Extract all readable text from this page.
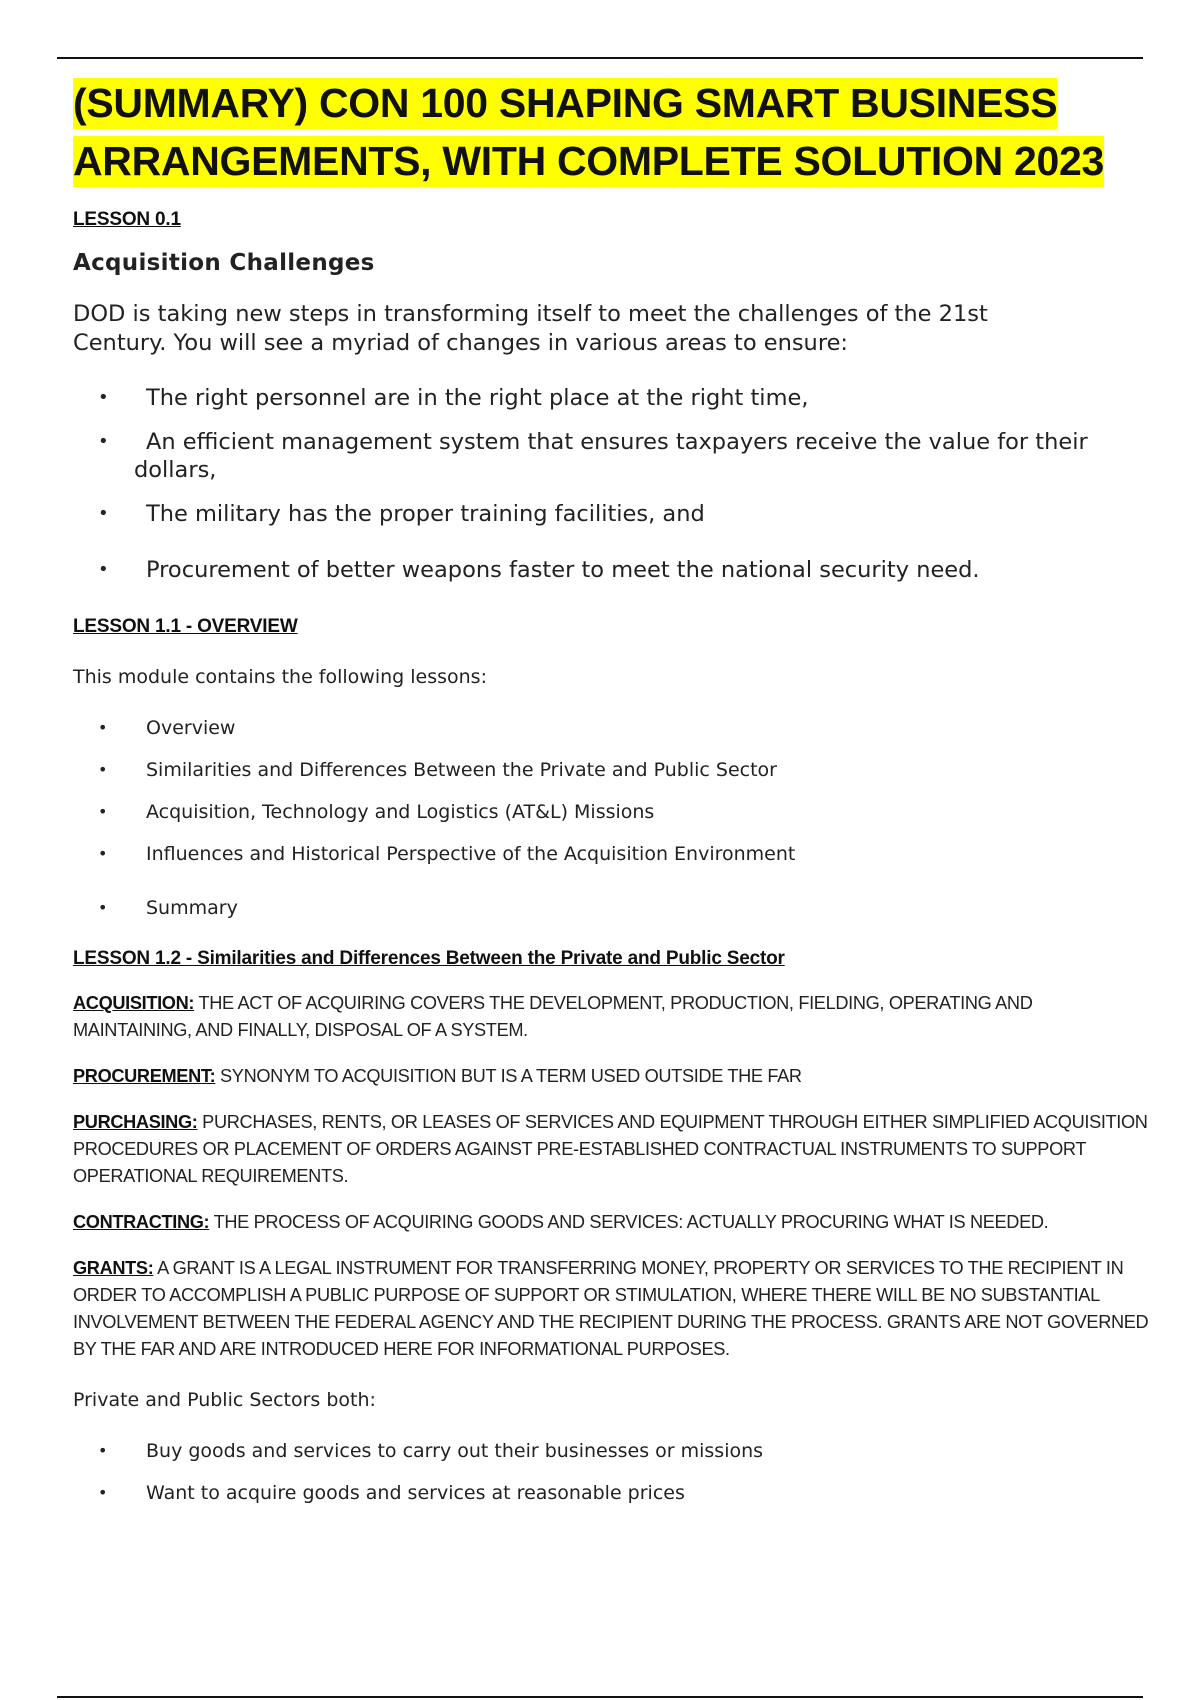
(SUMMARY) CON 100 SHAPING SMART BUSINESS
ARRANGEMENTS, WITH COMPLETE SOLUTION 2023

LESSON 0.1

Acquisition Challenges

DOD is taking new steps in transforming itself to meet the challenges of the 21st
Century. You will see a myriad of changes in various areas to ensure:

•	The right personnel are in the right place at the right time,
•	An efficient management system that ensures taxpayers receive the value for their
dollars,
•	The military has the proper training facilities, and
•	Procurement of better weapons faster to meet the national security need.

LESSON 1.1 - OVERVIEW

This module contains the following lessons:

• Overview
• Similarities and Differences Between the Private and Public Sector
• Acquisition, Technology and Logistics (AT&L) Missions
• Influences and Historical Perspective of the Acquisition Environment
• Summary

LESSON 1.2 - Similarities and Differences Between the Private and Public Sector

ACQUISITION: THE ACT OF ACQUIRING COVERS THE DEVELOPMENT, PRODUCTION, FIELDING, OPERATING AND MAINTAINING, AND FINALLY, DISPOSAL OF A SYSTEM.

PROCUREMENT: SYNONYM TO ACQUISITION BUT IS A TERM USED OUTSIDE THE FAR

PURCHASING: PURCHASES, RENTS, OR LEASES OF SERVICES AND EQUIPMENT THROUGH EITHER SIMPLIFIED ACQUISITION PROCEDURES OR PLACEMENT OF ORDERS AGAINST PRE-ESTABLISHED CONTRACTUAL INSTRUMENTS TO SUPPORT OPERATIONAL REQUIREMENTS.

CONTRACTING: THE PROCESS OF ACQUIRING GOODS AND SERVICES: ACTUALLY PROCURING WHAT IS NEEDED.

GRANTS: A GRANT IS A LEGAL INSTRUMENT FOR TRANSFERRING MONEY, PROPERTY OR SERVICES TO THE RECIPIENT IN ORDER TO ACCOMPLISH A PUBLIC PURPOSE OF SUPPORT OR STIMULATION, WHERE THERE WILL BE NO SUBSTANTIAL INVOLVEMENT BETWEEN THE FEDERAL AGENCY AND THE RECIPIENT DURING THE PROCESS. GRANTS ARE NOT GOVERNED BY THE FAR AND ARE INTRODUCED HERE FOR INFORMATIONAL PURPOSES.

Private and Public Sectors both:

• Buy goods and services to carry out their businesses or missions
• Want to acquire goods and services at reasonable prices
